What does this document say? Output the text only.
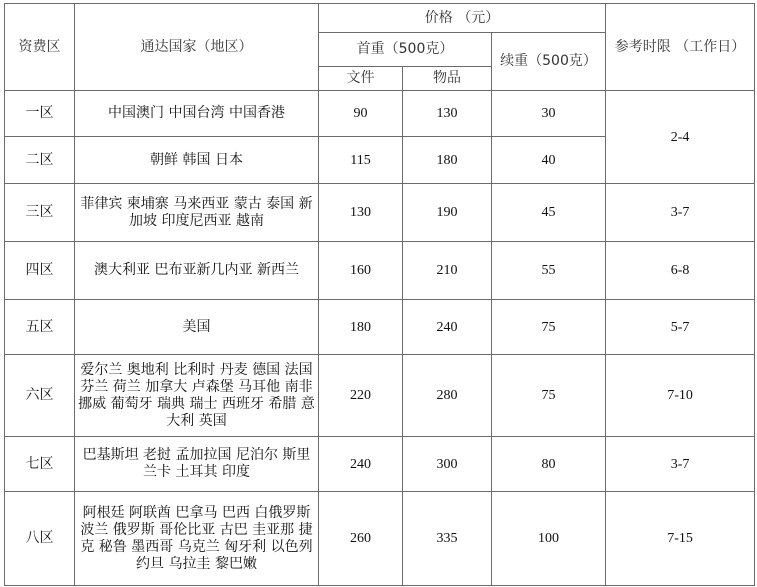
资费区	通达国家（地区）	价格 （元）			参考时限 （工作日）
		首重（500克）		续重（500克）	
		文件	物品		
一区	中国澳门 中国台湾 中国香港	90	130	30	2-4
二区	朝鲜 韩国 日本	115	180	40	
三区	菲律宾 柬埔寨 马来西亚 蒙古 泰国 新加坡 印度尼西亚 越南	130	190	45	3-7
四区	澳大利亚 巴布亚新几内亚 新西兰	160	210	55	6-8
五区	美国	180	240	75	5-7
六区	爱尔兰 奥地利 比利时 丹麦 德国 法国 芬兰 荷兰 加拿大 卢森堡 马耳他 南非 挪威 葡萄牙 瑞典 瑞士 西班牙 希腊 意大利 英国	220	280	75	7-10
七区	巴基斯坦 老挝 孟加拉国 尼泊尔 斯里兰卡 土耳其 印度	240	300	80	3-7
八区	阿根廷 阿联酋 巴拿马 巴西 白俄罗斯 波兰 俄罗斯 哥伦比亚 古巴 圭亚那 捷克 秘鲁 墨西哥 乌克兰 匈牙利 以色列 约旦 乌拉圭 黎巴嫩	260	335	100	7-15
